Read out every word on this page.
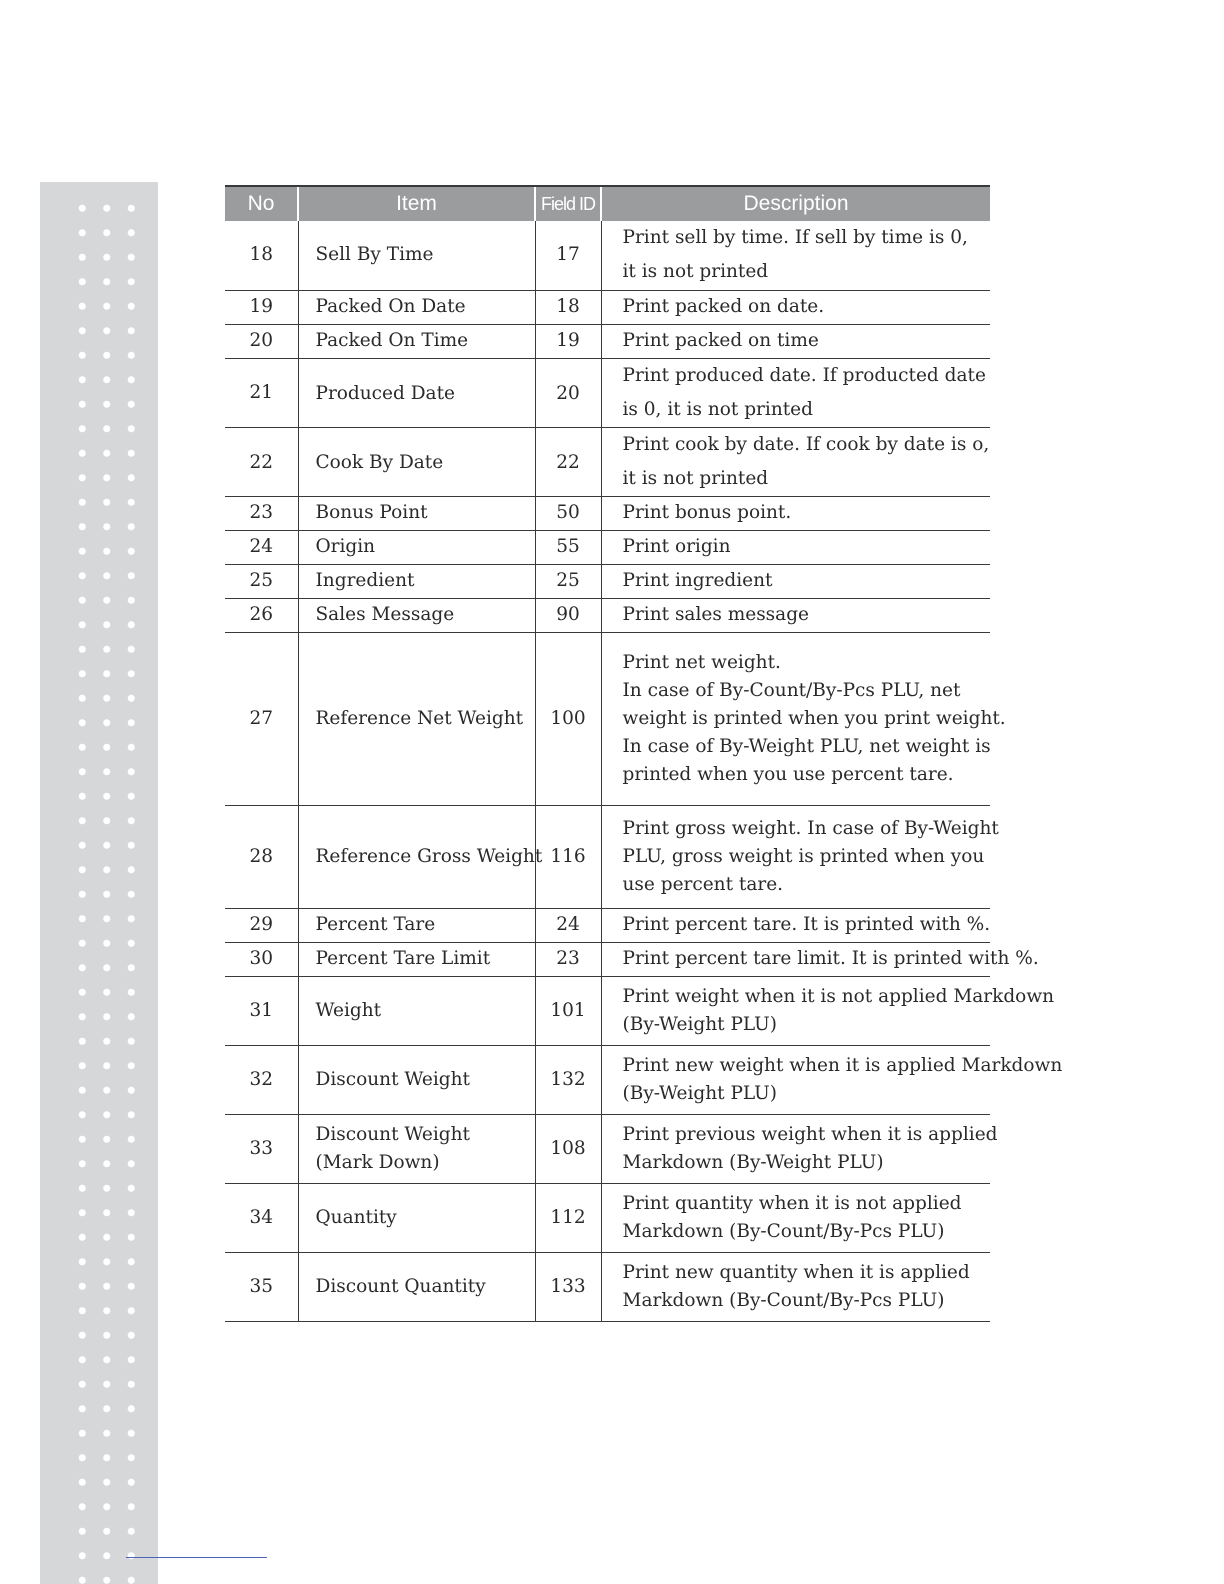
No	Item	Field ID	Description
18	Sell By Time	17	Print sell by time. If sell by time is 0,
it is not printed

19	Packed On Date	18	Print packed on date.

20	Packed On Time	19	Print packed on time

21	Produced Date	20	Print produced date. If producted date
is 0, it is not printed

22	Cook By Date	22	Print cook by date. If cook by date is o,
it is not printed

23	Bonus Point	50	Print bonus point.

24	Origin	55	Print origin

25	Ingredient	25	Print ingredient

26	Sales Message	90	Print sales message

27	Reference Net Weight	100	Print net weight.
In case of By-Count/By-Pcs PLU, net
weight is printed when you print weight.
In case of By-Weight PLU, net weight is
printed when you use percent tare.

28	Reference Gross Weight	116	Print gross weight. In case of By-Weight
PLU, gross weight is printed when you
use percent tare.

29	Percent Tare	24	Print percent tare. It is printed with %.

30	Percent Tare Limit	23	Print percent tare limit. It is printed with %.

31	Weight	101	Print weight when it is not applied Markdown
(By-Weight PLU)

32	Discount Weight	132	Print new weight when it is applied Markdown
(By-Weight PLU)

33	Discount Weight
(Mark Down)	108	Print previous weight when it is applied
Markdown (By-Weight PLU)

34	Quantity	112	Print quantity when it is not applied
Markdown (By-Count/By-Pcs PLU)

35	Discount Quantity	133	Print new quantity when it is applied
Markdown (By-Count/By-Pcs PLU)
